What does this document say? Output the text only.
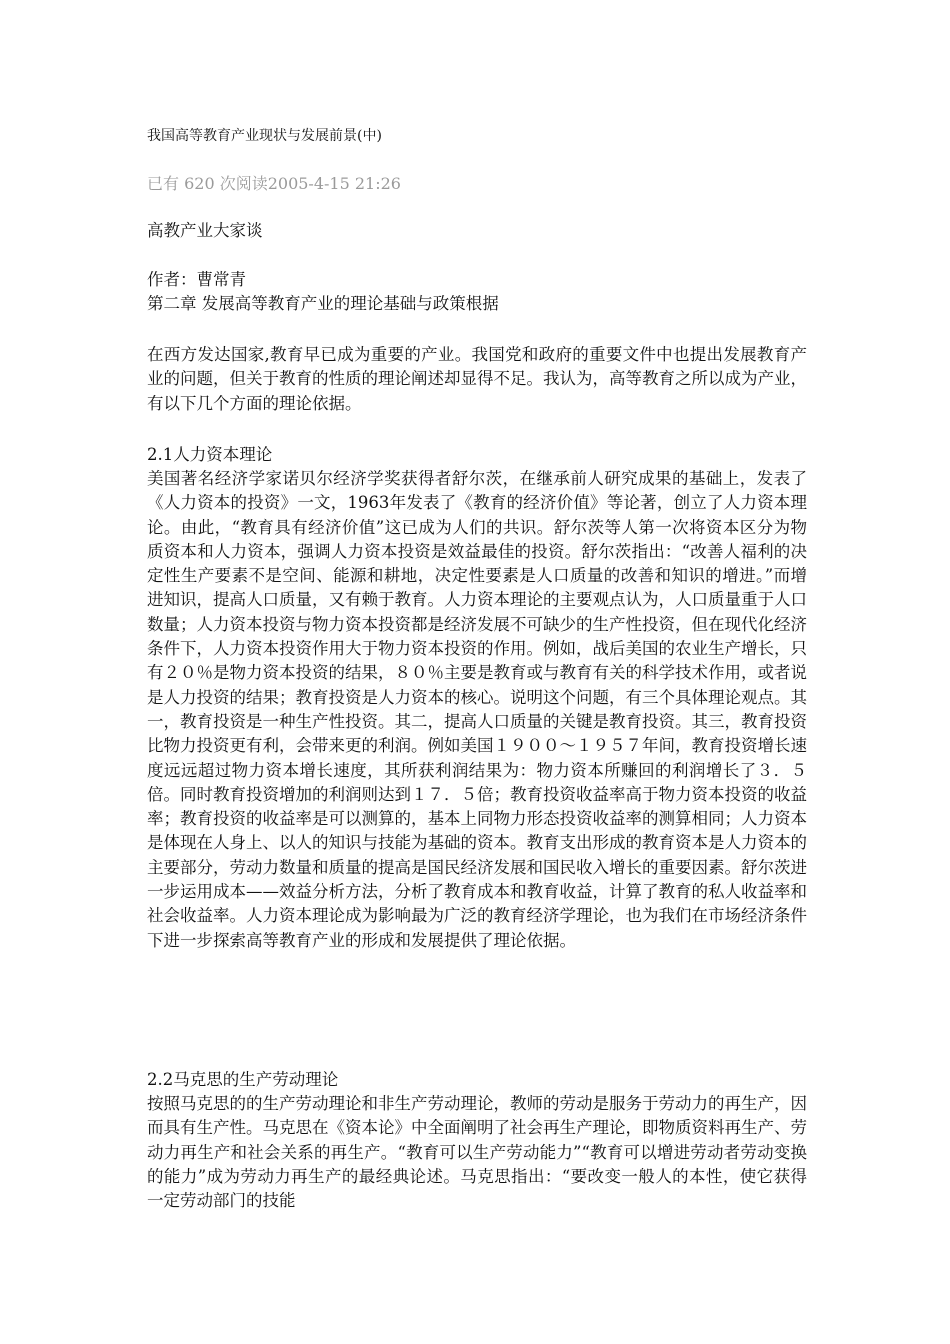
我国高等教育产业现状与发展前景(中)
已有 620 次阅读2005-4-15 21:26
高教产业大家谈
作者：曹常青
第二章 发展高等教育产业的理论基础与政策根据

在西方发达国家,教育早已成为重要的产业。我国党和政府的重要文件中也提出发展教育产业的问题，但关于教育的性质的理论阐述却显得不足。我认为，高等教育之所以成为产业，有以下几个方面的理论依据。

2.1人力资本理论

美国著名经济学家诺贝尔经济学奖获得者舒尔茨，在继承前人研究成果的基础上，发表了《人力资本的投资》一文，1963年发表了《教育的经济价值》等论著，创立了人力资本理论。由此，“教育具有经济价值”这已成为人们的共识。舒尔茨等人第一次将资本区分为物质资本和人力资本，强调人力资本投资是效益最佳的投资。舒尔茨指出：“改善人福利的决定性生产要素不是空间、能源和耕地，决定性要素是人口质量的改善和知识的增进。”而增进知识，提高人口质量，又有赖于教育。人力资本理论的主要观点认为，人口质量重于人口数量；人力资本投资与物力资本投资都是经济发展不可缺少的生产性投资，但在现代化经济条件下，人力资本投资作用大于物力资本投资的作用。例如，战后美国的农业生产增长，只有２０％是物力资本投资的结果，８０％主要是教育或与教育有关的科学技术作用，或者说是人力投资的结果；教育投资是人力资本的核心。说明这个问题，有三个具体理论观点。其一，教育投资是一种生产性投资。其二，提高人口质量的关键是教育投资。其三，教育投资比物力投资更有利，会带来更的利润。例如美国１９００～１９５７年间，教育投资增长速度远远超过物力资本增长速度，其所获利润结果为：物力资本所赚回的利润增长了３．５倍。同时教育投资增加的利润则达到１７．５倍；教育投资收益率高于物力资本投资的收益率；教育投资的收益率是可以测算的，基本上同物力形态投资收益率的测算相同；人力资本是体现在人身上、以人的知识与技能为基础的资本。教育支出形成的教育资本是人力资本的主要部分，劳动力数量和质量的提高是国民经济发展和国民收入增长的重要因素。舒尔茨进一步运用成本——效益分析方法，分析了教育成本和教育收益，计算了教育的私人收益率和社会收益率。人力资本理论成为影响最为广泛的教育经济学理论，也为我们在市场经济条件下进一步探索高等教育产业的形成和发展提供了理论依据。

2.2马克思的生产劳动理论

按照马克思的的生产劳动理论和非生产劳动理论，教师的劳动是服务于劳动力的再生产，因而具有生产性。马克思在《资本论》中全面阐明了社会再生产理论，即物质资料再生产、劳动力再生产和社会关系的再生产。“教育可以生产劳动能力”“教育可以增进劳动者劳动变换的能力”成为劳动力再生产的最经典论述。马克思指出：“要改变一般人的本性，使它获得一定劳动部门的技能
